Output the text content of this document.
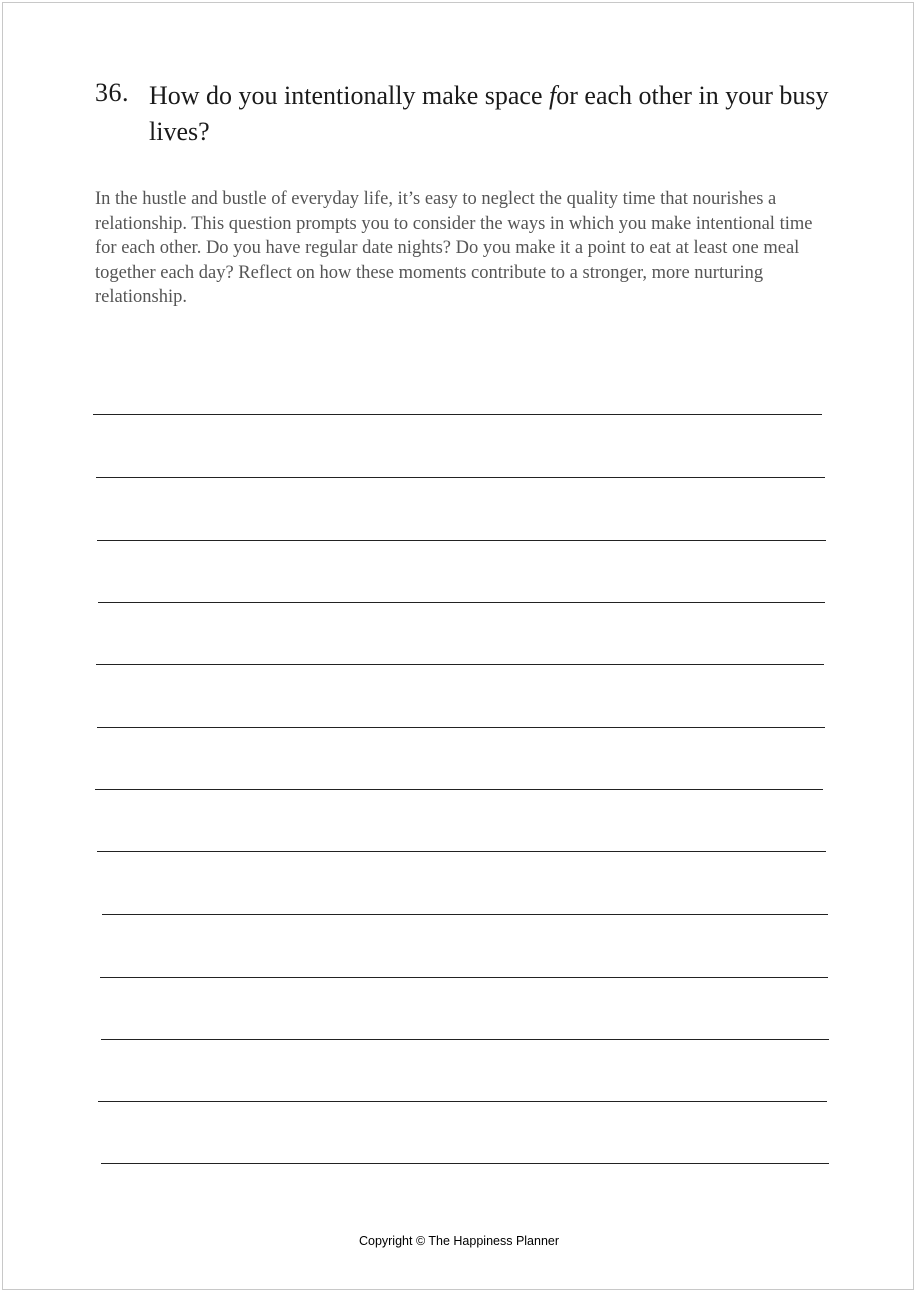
36. How do you intentionally make space for each other in your busy lives?

In the hustle and bustle of everyday life, it’s easy to neglect the quality time that nourishes a relationship. This question prompts you to consider the ways in which you make intentional time for each other. Do you have regular date nights? Do you make it a point to eat at least one meal together each day? Reflect on how these moments contribute to a stronger, more nurturing relationship.

Copyright © The Happiness Planner
